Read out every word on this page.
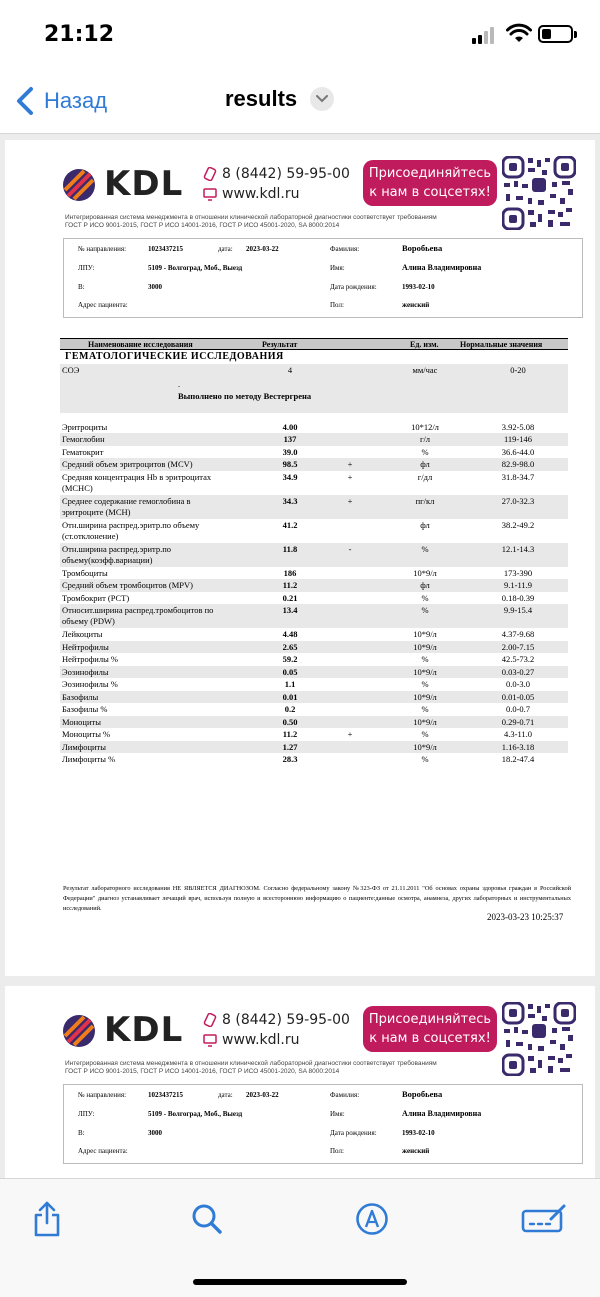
21:12
Назад	results
KDL	8 (8442) 59-95-00
www.kdl.ru
Присоединяйтесь
к нам в соцсетях!
Интегрированная система менеджмента в отношении клинической лабораторной диагностики соответствует требованиям
ГОСТ Р ИСО 9001-2015, ГОСТ Р ИСО 14001-2016, ГОСТ Р ИСО 45001-2020, SA 8000:2014
№ направления:	1023437215	дата: 2023-03-22	Фамилия:	Воробьева
ЛПУ:	5109 - Волгоград, Моб., Выезд	Имя:	Алина Владимировна
В:	3000	Дата рождения:	1993-02-10
Адрес пациента:	Пол:	женский
Наименование исследования	Результат	Ед. изм.	Нормальные значения
ГЕМАТОЛОГИЧЕСКИЕ ИССЛЕДОВАНИЯ
СОЭ	4	мм/час	0-20
.
Выполнено по методу Вестергрена
Эритроциты	4.00	10*12/л	3.92-5.08
Гемоглобин	137	г/л	119-146
Гематокрит	39.0	%	36.6-44.0
Средний объем эритроцитов (MCV)	98.5	+	фл	82.9-98.0
Средняя концентрация Hb в эритроцитах (МСНС)
34.9	+	г/дл	31.8-34.7
Среднее содержание гемоглобина в эритроците (MCH)
34.3	+	пг/кл	27.0-32.3
Отн.ширина распред.эритр.по объему (ст.отклонение)
41.2	фл	38.2-49.2
Отн.ширина распред.эритр.по объему(коэфф.вариации)
11.8	-	%	12.1-14.3
Тромбоциты	186	10*9/л	173-390
Средний объем тромбоцитов (MPV)	11.2	фл	9.1-11.9
Тромбокрит (PCT)	0.21	%	0.18-0.39
Относит.ширина распред.тромбоцитов по объему (PDW)
13.4	%	9.9-15.4
Лейкоциты	4.48	10*9/л	4.37-9.68
Нейтрофилы	2.65	10*9/л	2.00-7.15
Нейтрофилы %	59.2	%	42.5-73.2
Эозинофилы	0.05	10*9/л	0.03-0.27
Эозинофилы %	1.1	%	0.0-3.0
Базофилы	0.01	10*9/л	0.01-0.05
Базофилы %	0.2	%	0.0-0.7
Моноциты	0.50	10*9/л	0.29-0.71
Моноциты %	11.2	+	%	4.3-11.0
Лимфоциты	1.27	10*9/л	1.16-3.18
Лимфоциты %	28.3	%	18.2-47.4
Результат лабораторного исследования НЕ ЯВЛЯЕТСЯ ДИАГНОЗОМ. Согласно федеральному закону №323-ФЗ от 21.11.2011 "Об основах охраны здоровья граждан в Российской Федерации" диагноз устанавливает лечащий врач, используя полную и всестороннюю информацию о пациенте:данные осмотра, анамнеза, других лабораторных и инструментальных исследований.
2023-03-23 10:25:37
KDL	8 (8442) 59-95-00
www.kdl.ru
Присоединяйтесь
к нам в соцсетях!
Интегрированная система менеджмента в отношении клинической лабораторной диагностики соответствует требованиям
ГОСТ Р ИСО 9001-2015, ГОСТ Р ИСО 14001-2016, ГОСТ Р ИСО 45001-2020, SA 8000:2014
№ направления:	1023437215	дата: 2023-03-22	Фамилия:	Воробьева
ЛПУ:	5109 - Волгоград, Моб., Выезд	Имя:	Алина Владимировна
В:	3000	Дата рождения:	1993-02-10
Адрес пациента:	Пол:	женский
